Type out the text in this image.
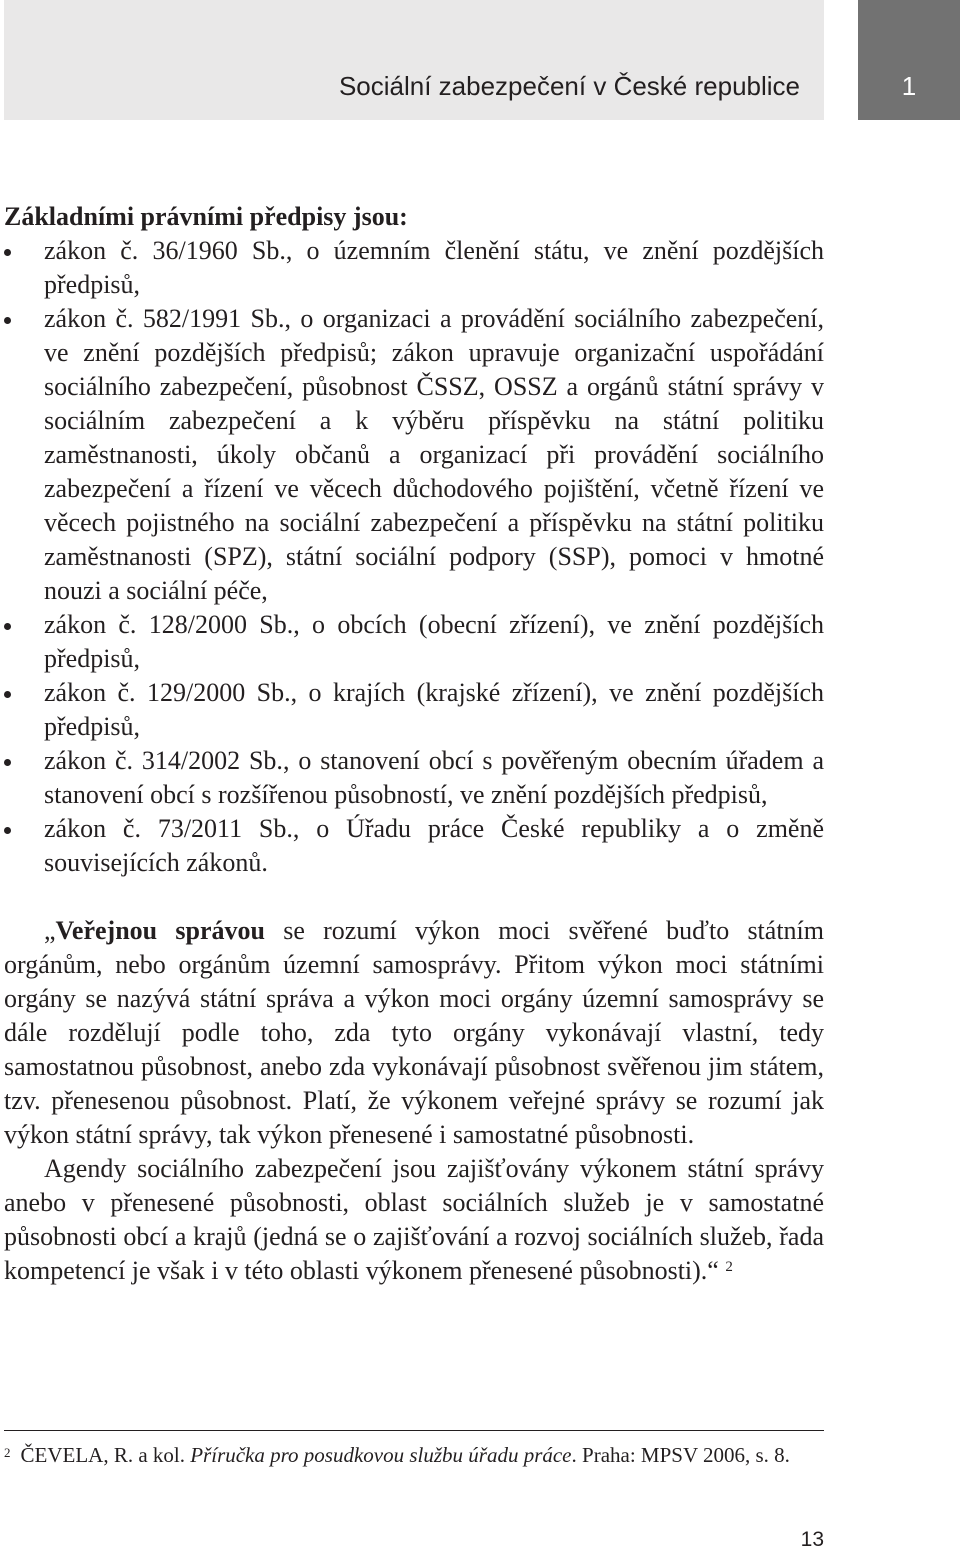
Sociální zabezpečení v České republice	1

Základními právními předpisy jsou:

zákon č. 36/1960 Sb., o územním členění státu, ve znění pozdějších předpisů,
zákon č. 582/1991 Sb., o organizaci a provádění sociálního zabezpečení, ve znění pozdějších předpisů; zákon upravuje organizační uspořádání sociálního zabezpečení, působnost ČSSZ, OSSZ a orgánů státní správy v sociálním zabezpečení a k výběru příspěvku na státní politiku zaměstnanosti, úkoly občanů a organizací při provádění sociálního zabezpečení a řízení ve věcech důchodového pojištění, včetně řízení ve věcech pojistného na sociální zabezpečení a příspěvku na státní politiku zaměstnanosti (SPZ), státní sociální podpory (SSP), pomoci v hmotné nouzi a sociální péče,
zákon č. 128/2000 Sb., o obcích (obecní zřízení), ve znění pozdějších předpisů,
zákon č. 129/2000 Sb., o krajích (krajské zřízení), ve znění pozdějších předpisů,
zákon č. 314/2002 Sb., o stanovení obcí s pověřeným obecním úřadem a stanovení obcí s rozšířenou působností, ve znění pozdějších předpisů,
zákon č. 73/2011 Sb., o Úřadu práce České republiky a o změně souvisejících zákonů.

„Veřejnou správou se rozumí výkon moci svěřené buďto státním orgánům, nebo orgánům územní samosprávy. Přitom výkon moci státními orgány se nazývá státní správa a výkon moci orgány územní samosprávy se dále rozdělují podle toho, zda tyto orgány vykonávají vlastní, tedy samostatnou působnost, anebo zda vykonávají působnost svěřenou jim státem, tzv. přenesenou působnost. Platí, že výkonem veřejné správy se rozumí jak výkon státní správy, tak výkon přenesené i samostatné působnosti.

Agendy sociálního zabezpečení jsou zajišťovány výkonem státní správy anebo v přenesené působnosti, oblast sociálních služeb je v samostatné působnosti obcí a krajů (jedná se o zajišťování a rozvoj sociálních služeb, řada kompetencí je však i v této oblasti výkonem přenesené působnosti).“ $^2$

$^2$ ČEVELA, R. a kol. Příručka pro posudkovou službu úřadu práce. Praha: MPSV 2006, s. 8.
13
